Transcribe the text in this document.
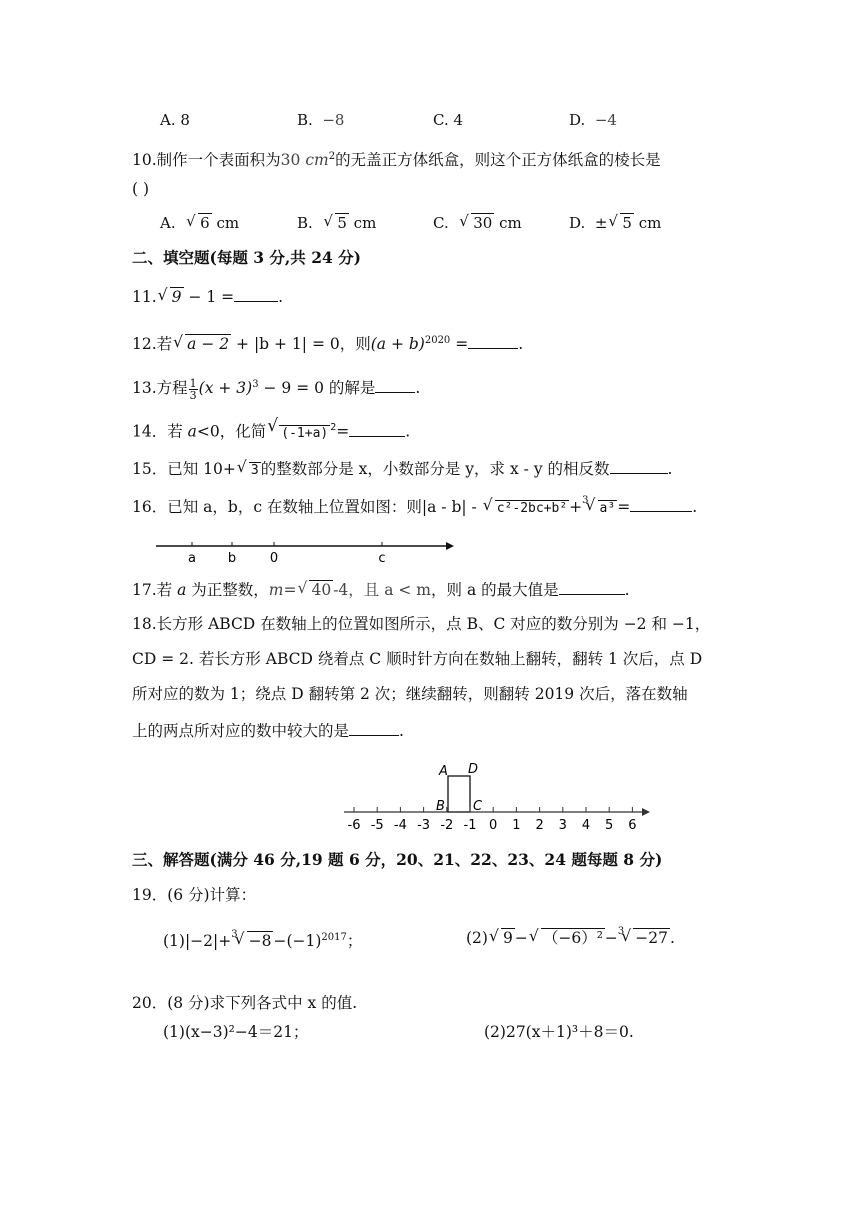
A. 8	B. −8	C. 4	D. −4
10.制作一个表面积为30 $cm^2$的无盖正方体纸盒，则这个正方体纸盒的棱长是
( )
A.  √ 6 cm	B.  √ 5 cm	C.  √ 30 cm	D. ±√ 5 cm
二、填空题(每题 3 分,共 24 分)
11.√ 9 − 1 =	.
12.若√ a − 2 + |b + 1| = 0，则$(a + b)^{2020}$ =	.
13.方程 $\frac{1}{3} (x + 3)^3 - 9 = 0$ 的解是	.
14．若 a<0，化简√ (-1+a) $^2$=	.
15．已知 10+√ 3 的整数部分是 x，小数部分是 y，求 x - y 的相反数	.
16．已知 a，b，c 在数轴上位置如图：则|a - b| - √ c²-2bc+b² +$^3$√ a³ =	.
a b	0	c
17.若 a 为正整数，m=√ 40 -4，且 a < m，则 a 的最大值是	.
18.长方形 ABCD 在数轴上的位置如图所示，点 B、C 对应的数分别为 −2 和 −1，
CD = 2. 若长方形 ABCD 绕着点 C 顺时针方向在数轴上翻转，翻转 1 次后，点 D
所对应的数为 1；绕点 D 翻转第 2 次；继续翻转，则翻转 2019 次后，落在数轴
上的两点所对应的数中较大的是	.
A D
B C
-6 -5 -4 -3 -2 -1 0 1 2 3 4 5 6
三、解答题(满分 46 分,19 题 6 分，20、21、22、23、24 题每题 8 分)
19．(6 分)计算：
$(1)|-2|+^3√ -8 -(-1)^{2017}$；	(2)√ 9 −√ （−6）² −$^3$√ −27 .
20．(8 分)求下列各式中 x 的值.
(1)(x−3)²−4＝21；	(2)27(x＋1)³＋8＝0.
